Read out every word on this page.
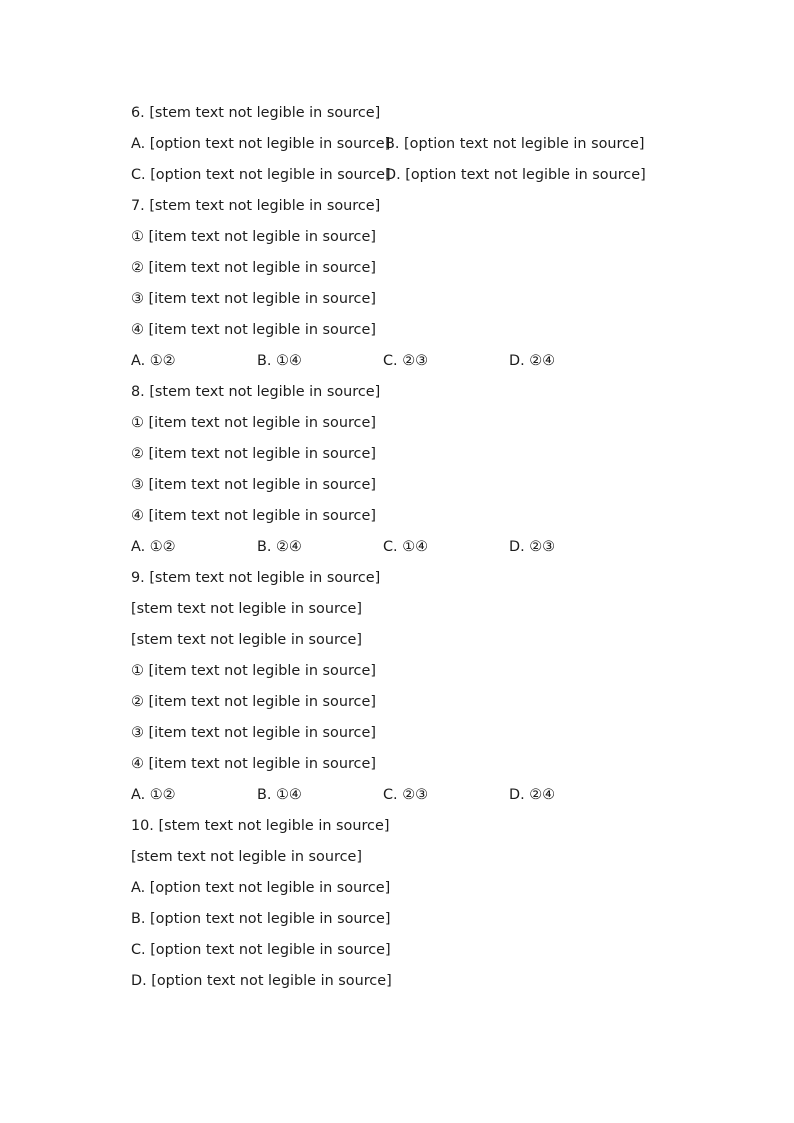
6. [stem text not legible in source]
A. [option text not legible in source]
B. [option text not legible in source]
C. [option text not legible in source]
D. [option text not legible in source]
7. [stem text not legible in source]
① [item text not legible in source]
② [item text not legible in source]
③ [item text not legible in source]
④ [item text not legible in source]
A. ①②	B. ①④	C. ②③	D. ②④
8. [stem text not legible in source]
① [item text not legible in source]
② [item text not legible in source]
③ [item text not legible in source]
④ [item text not legible in source]
A. ①②	B. ②④	C. ①④	D. ②③
9. [stem text not legible in source]
[stem text not legible in source]
[stem text not legible in source]
① [item text not legible in source]
② [item text not legible in source]
③ [item text not legible in source]
④ [item text not legible in source]
A. ①②	B. ①④	C. ②③	D. ②④
10. [stem text not legible in source]
[stem text not legible in source]
A. [option text not legible in source]
B. [option text not legible in source]
C. [option text not legible in source]
D. [option text not legible in source]
